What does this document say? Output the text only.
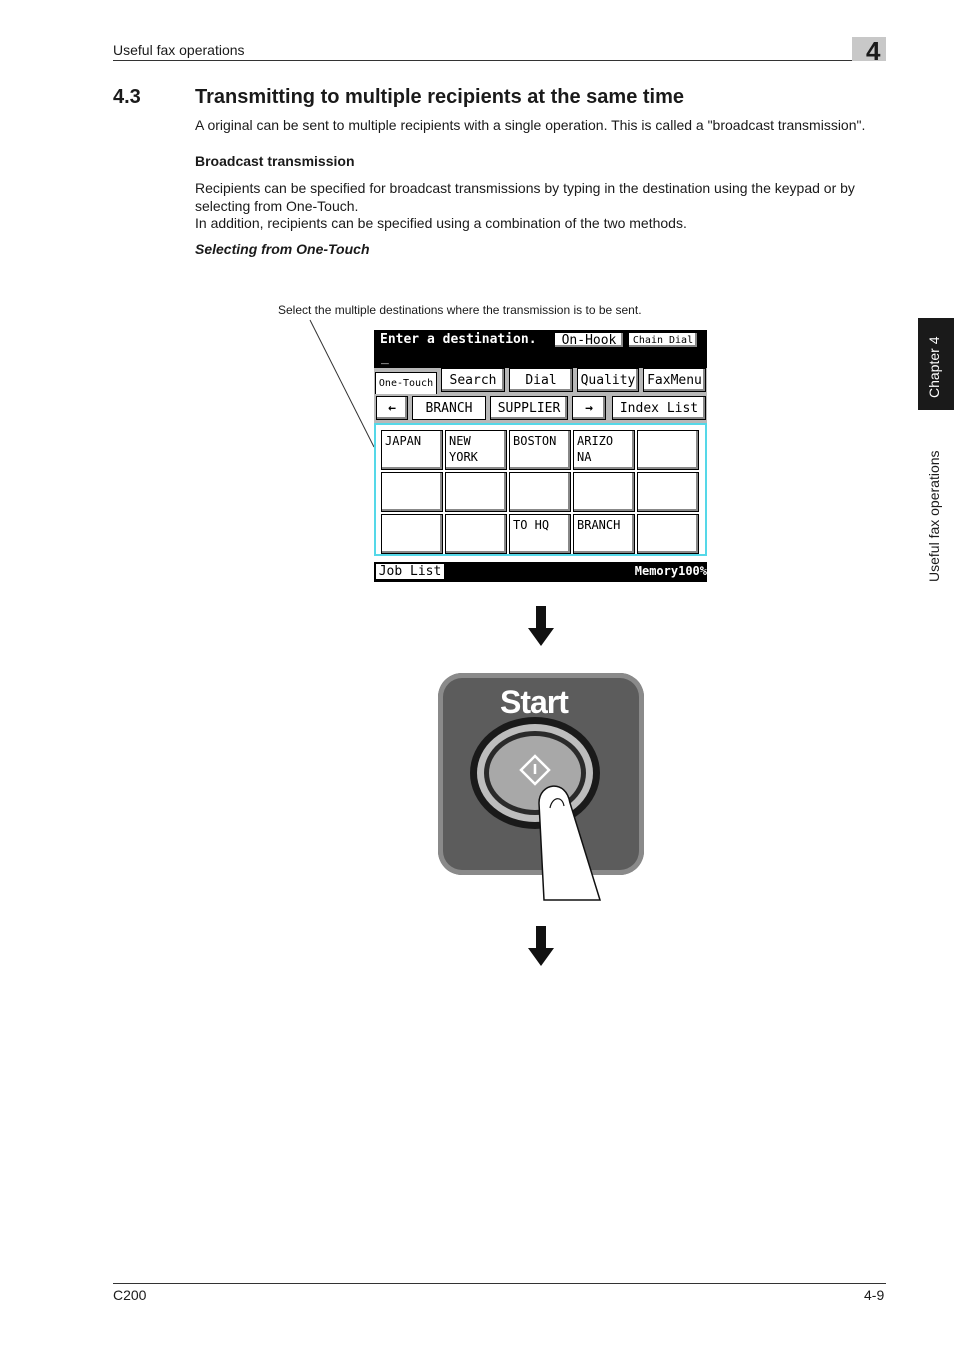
Useful fax operations	4
4.3	Transmitting to multiple recipients at the same time
A original can be sent to multiple recipients with a single operation. This is called a "broadcast transmission".
Broadcast transmission
Recipients can be specified for broadcast transmissions by typing in the destination using the keypad or by selecting from One-Touch.
In addition, recipients can be specified using a combination of the two methods.
Selecting from One-Touch
Select the multiple destinations where the transmission is to be sent.
Enter a destination.
_
On-Hook	Chain Dial
One-Touch	Search	Dial	Quality FaxMenu
←	BRANCH	SUPPLIER	→	Index List
JAPAN	NEW
YORK
BOSTON	ARIZO
NA
TO HQ	BRANCH
Job List	Memory100%
Start
Chapter 4
Useful fax operations
C200	4-9
